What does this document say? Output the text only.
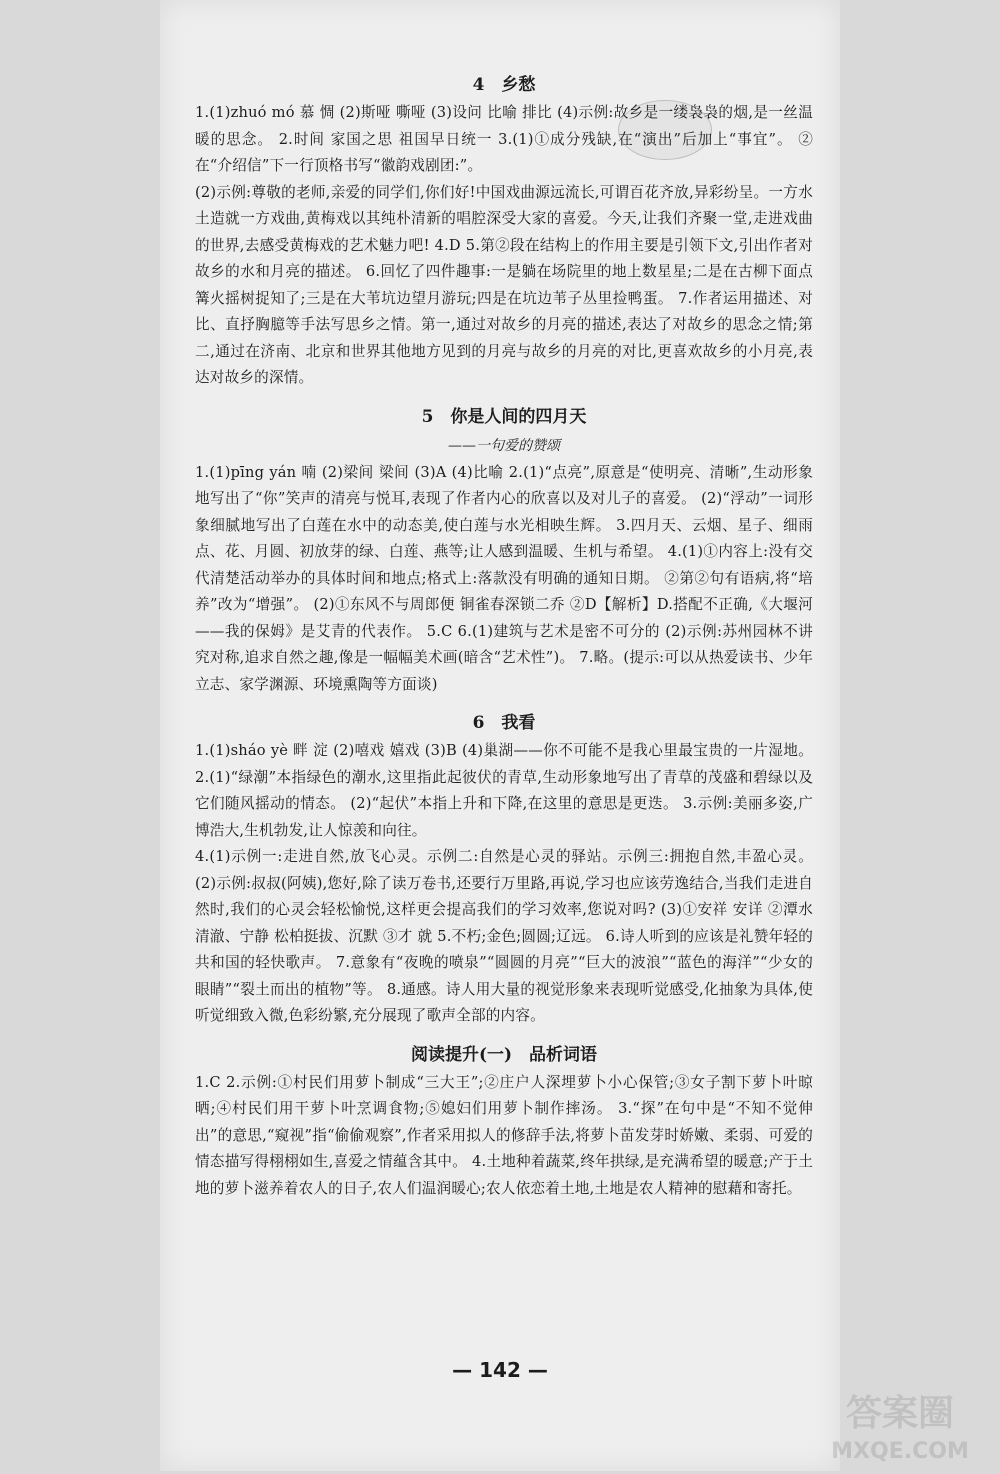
4　乡愁

1.(1)zhuó mó 慕 惆 (2)斯哑 嘶哑 (3)设问 比喻 排比 (4)示例:故乡是一缕袅袅的烟,是一丝温暖的思念。 2.时间 家国之思 祖国早日统一 3.(1)①成分残缺,在“演出”后加上“事宜”。 ②在“介绍信”下一行顶格书写“徽韵戏剧团:”。

(2)示例:尊敬的老师,亲爱的同学们,你们好!中国戏曲源远流长,可谓百花齐放,异彩纷呈。一方水土造就一方戏曲,黄梅戏以其纯朴清新的唱腔深受大家的喜爱。今天,让我们齐聚一堂,走进戏曲的世界,去感受黄梅戏的艺术魅力吧! 4.D 5.第②段在结构上的作用主要是引领下文,引出作者对故乡的水和月亮的描述。 6.回忆了四件趣事:一是躺在场院里的地上数星星;二是在古柳下面点篝火摇树捉知了;三是在大苇坑边望月游玩;四是在坑边苇子丛里捡鸭蛋。 7.作者运用描述、对比、直抒胸臆等手法写思乡之情。第一,通过对故乡的月亮的描述,表达了对故乡的思念之情;第二,通过在济南、北京和世界其他地方见到的月亮与故乡的月亮的对比,更喜欢故乡的小月亮,表达对故乡的深情。

5　你是人间的四月天
——一句爱的赞颂

1.(1)pīng yán 喃 (2)梁间 梁间 (3)A (4)比喻 2.(1)“点亮”,原意是“使明亮、清晰”,生动形象地写出了“你”笑声的清亮与悦耳,表现了作者内心的欣喜以及对儿子的喜爱。 (2)“浮动”一词形象细腻地写出了白莲在水中的动态美,使白莲与水光相映生辉。 3.四月天、云烟、星子、细雨点、花、月圆、初放芽的绿、白莲、燕等;让人感到温暖、生机与希望。 4.(1)①内容上:没有交代清楚活动举办的具体时间和地点;格式上:落款没有明确的通知日期。 ②第②句有语病,将“培养”改为“增强”。 (2)①东风不与周郎便 铜雀春深锁二乔 ②D【解析】D.搭配不正确,《大堰河——我的保姆》是艾青的代表作。 5.C 6.(1)建筑与艺术是密不可分的 (2)示例:苏州园林不讲究对称,追求自然之趣,像是一幅幅美术画(暗含“艺术性”)。 7.略。(提示:可以从热爱读书、少年立志、家学渊源、环境熏陶等方面谈)

6　我看

1.(1)sháo yè 畔 淀 (2)嘻戏 嬉戏 (3)B (4)巢湖——你不可能不是我心里最宝贵的一片湿地。 2.(1)“绿潮”本指绿色的潮水,这里指此起彼伏的青草,生动形象地写出了青草的茂盛和碧绿以及它们随风摇动的情态。 (2)“起伏”本指上升和下降,在这里的意思是更迭。 3.示例:美丽多姿,广博浩大,生机勃发,让人惊羡和向往。

4.(1)示例一:走进自然,放飞心灵。示例二:自然是心灵的驿站。示例三:拥抱自然,丰盈心灵。 (2)示例:叔叔(阿姨),您好,除了读万卷书,还要行万里路,再说,学习也应该劳逸结合,当我们走进自然时,我们的心灵会轻松愉悦,这样更会提高我们的学习效率,您说对吗? (3)①安祥 安详 ②潭水清澈、宁静 松柏挺拔、沉默 ③才 就 5.不朽;金色;圆圆;辽远。 6.诗人听到的应该是礼赞年轻的共和国的轻快歌声。 7.意象有“夜晚的喷泉”“圆圆的月亮”“巨大的波浪”“蓝色的海洋”“少女的眼睛”“裂土而出的植物”等。 8.通感。诗人用大量的视觉形象来表现听觉感受,化抽象为具体,使听觉细致入微,色彩纷繁,充分展现了歌声全部的内容。

阅读提升(一)　品析词语

1.C 2.示例:①村民们用萝卜制成“三大王”;②庄户人深埋萝卜小心保管;③女子割下萝卜叶晾晒;④村民们用干萝卜叶烹调食物;⑤媳妇们用萝卜制作摔汤。 3.“探”在句中是“不知不觉伸出”的意思,“窥视”指“偷偷观察”,作者采用拟人的修辞手法,将萝卜苗发芽时娇嫩、柔弱、可爱的情态描写得栩栩如生,喜爱之情蕴含其中。 4.土地种着蔬菜,终年拱绿,是充满希望的暖意;产于土地的萝卜滋养着农人的日子,农人们温润暖心;农人依恋着土地,土地是农人精神的慰藉和寄托。

— 142 —
答案圈
MXQE.COM
